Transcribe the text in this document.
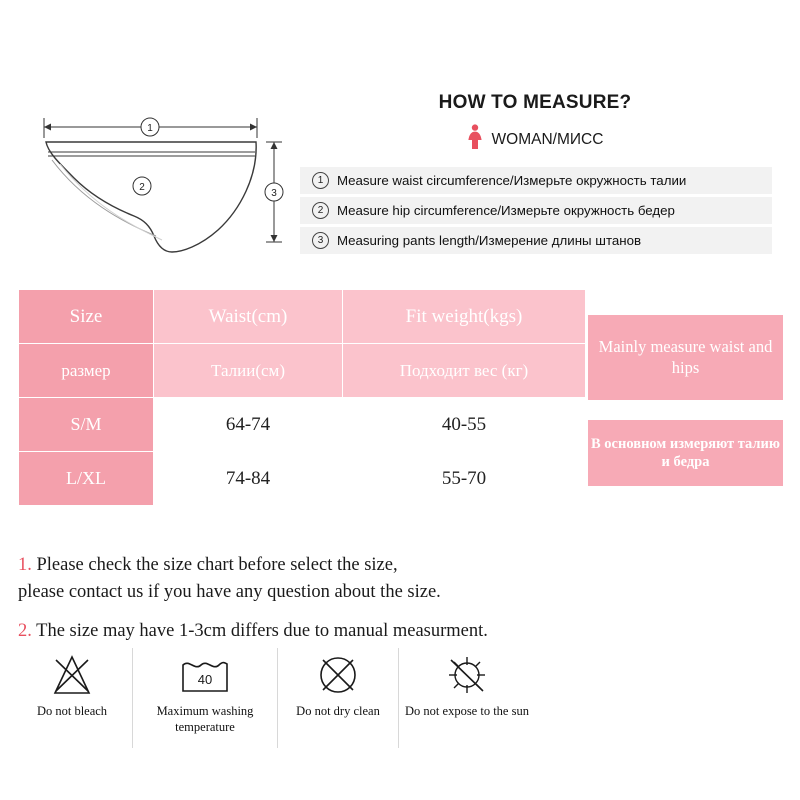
1
2
3
HOW TO MEASURE?
WOMAN/МИСС
1	Measure waist circumference/Измерьте окружность талии
2	Measure hip circumference/Измерьте окружность бедер
3	Measuring pants length/Измерение длины штанов
Size	Waist(cm)	Fit weight(kgs)
размер	Талии(см)	Подходит вес (кг)
S/M	64-74	40-55
L/XL	74-84	55-70
Mainly measure waist and hips
В основном измеряют талию и бедра
1. Please check the size chart before select the size,
please contact us if you have any question about the size.
2. The size may have 1-3cm differs due to manual measurment.
Do not bleach
40
Maximum washing temperature
Do not dry clean Do not expose to the sun
